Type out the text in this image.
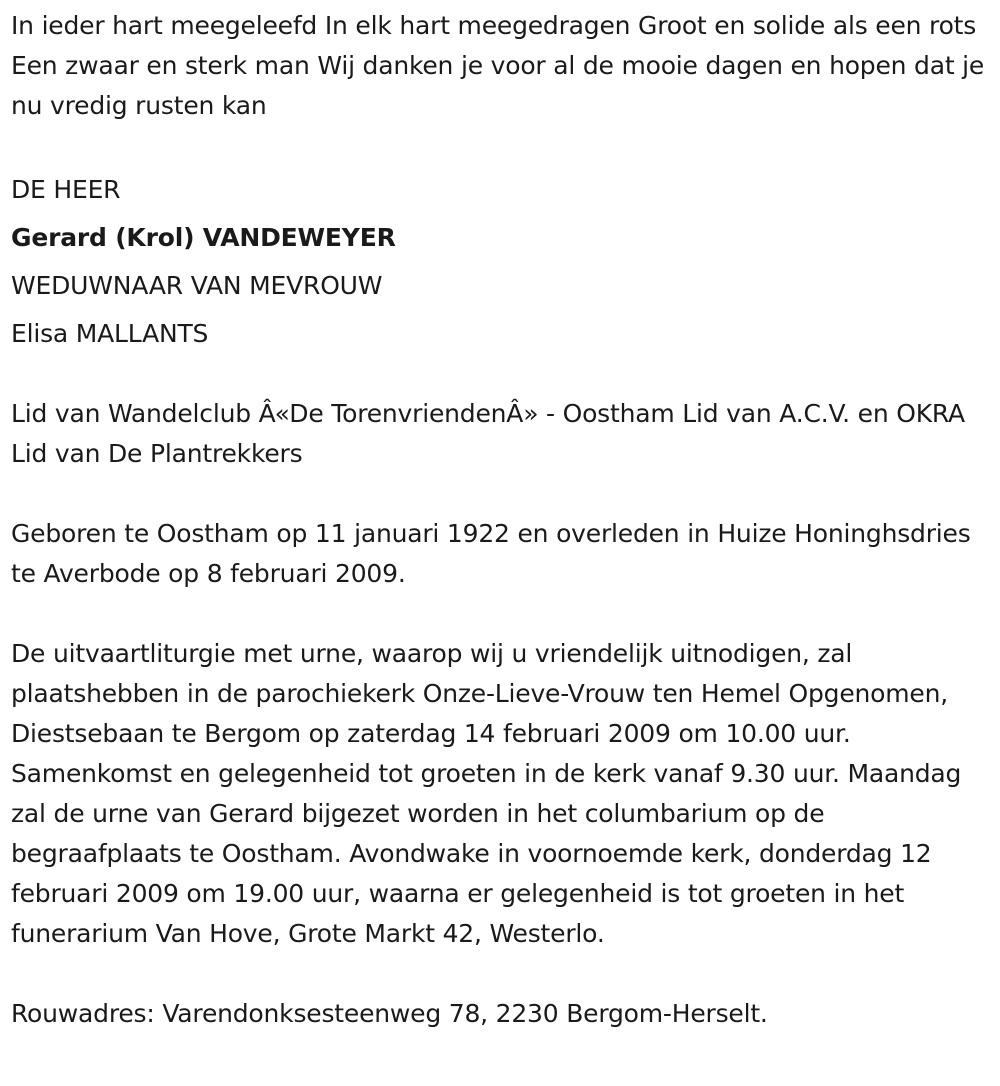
In ieder hart meegeleefd In elk hart meegedragen Groot en solide als een rots Een zwaar en sterk man Wij danken je voor al de mooie dagen en hopen dat je nu vredig rusten kan

DE HEER

Gerard (Krol) VANDEWEYER

WEDUWNAAR VAN MEVROUW

Elisa MALLANTS

Lid van Wandelclub Â«De TorenvriendenÂ» - Oostham Lid van A.C.V. en OKRA Lid van De Plantrekkers

Geboren te Oostham op 11 januari 1922 en overleden in Huize Honinghsdries te Averbode op 8 februari 2009.

De uitvaartliturgie met urne, waarop wij u vriendelijk uitnodigen, zal plaatshebben in de parochiekerk Onze-Lieve-Vrouw ten Hemel Opgenomen, Diestsebaan te Bergom op zaterdag 14 februari 2009 om 10.00 uur. Samenkomst en gelegenheid tot groeten in de kerk vanaf 9.30 uur. Maandag zal de urne van Gerard bijgezet worden in het columbarium op de begraafplaats te Oostham. Avondwake in voornoemde kerk, donderdag 12 februari 2009 om 19.00 uur, waarna er gelegenheid is tot groeten in het funerarium Van Hove, Grote Markt 42, Westerlo.

Rouwadres: Varendonksesteenweg 78, 2230 Bergom-Herselt.
